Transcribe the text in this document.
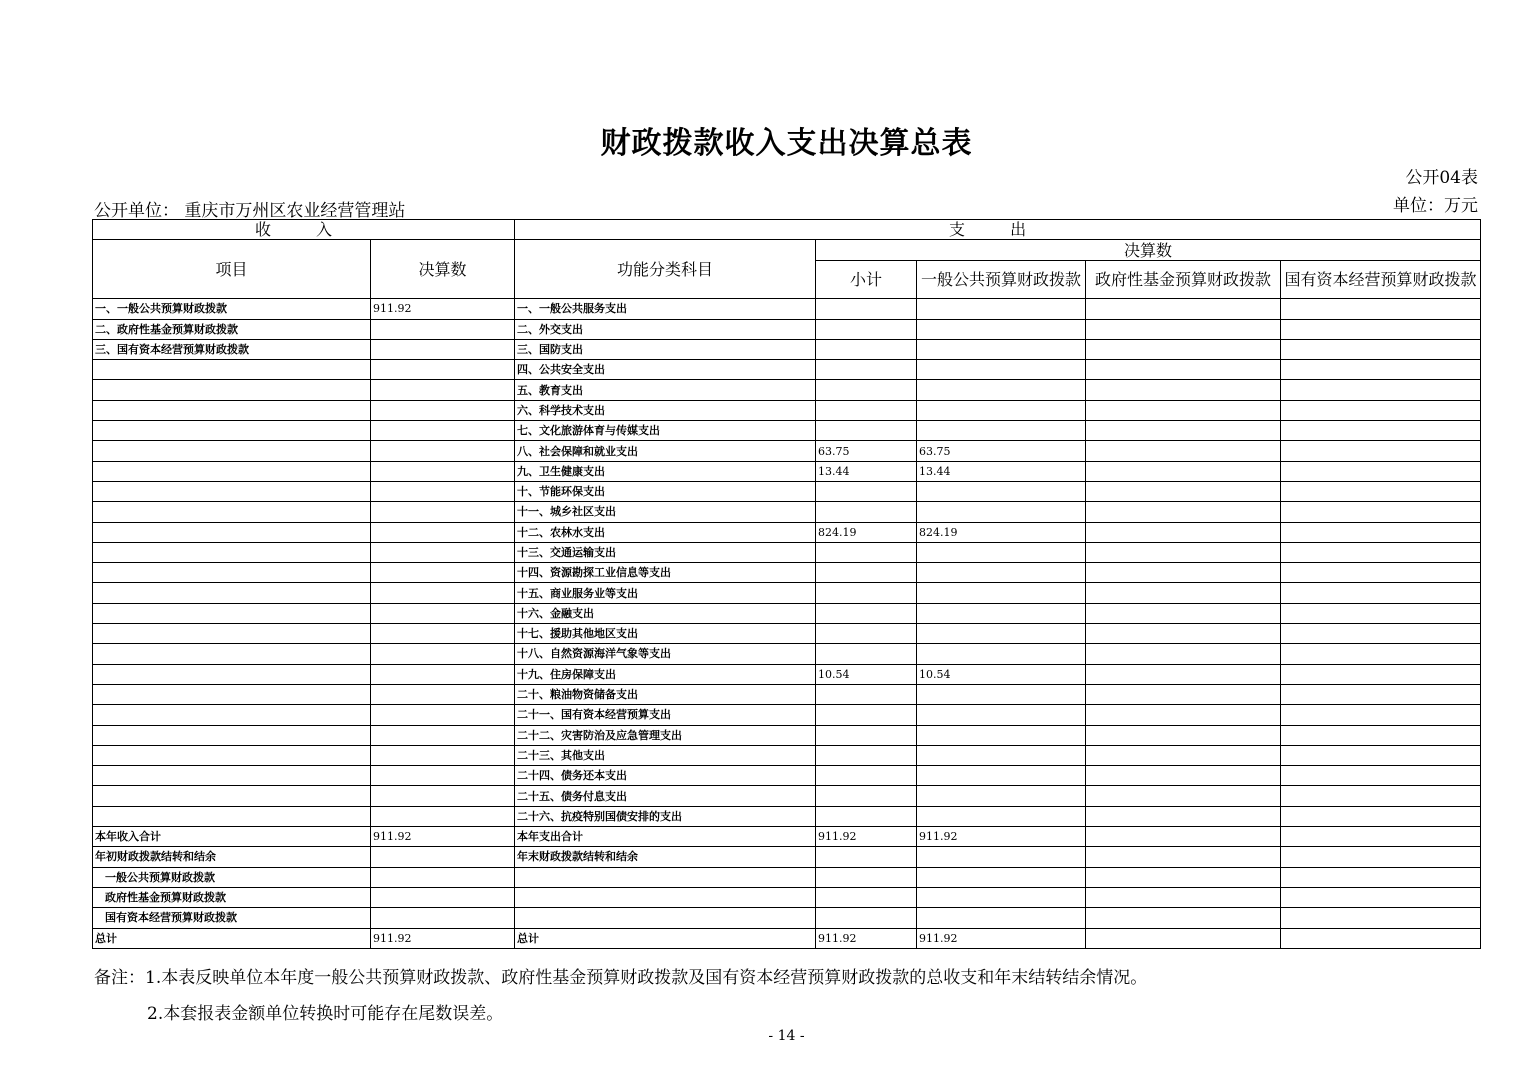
财政拨款收入支出决算总表
公开04表
公开单位： 重庆市万州区农业经营管理站	单位：万元
收 入		支 出				
项目	决算数	功能分类科目	决算数			
			小计	一般公共预算财政拨款	政府性基金预算财政拨款	国有资本经营预算财政拨款
一、一般公共预算财政拨款	911.92	一、一般公共服务支出				
二、政府性基金预算财政拨款		二、外交支出				
三、国有资本经营预算财政拨款		三、国防支出				
		四、公共安全支出				
		五、教育支出				
		六、科学技术支出				
		七、文化旅游体育与传媒支出				
		八、社会保障和就业支出	63.75	63.75		
		九、卫生健康支出	13.44	13.44		
		十、节能环保支出				
		十一、城乡社区支出				
		十二、农林水支出	824.19	824.19		
		十三、交通运输支出				
		十四、资源勘探工业信息等支出				
		十五、商业服务业等支出				
		十六、金融支出				
		十七、援助其他地区支出				
		十八、自然资源海洋气象等支出				
		十九、住房保障支出	10.54	10.54		
		二十、粮油物资储备支出				
		二十一、国有资本经营预算支出				
		二十二、灾害防治及应急管理支出				
		二十三、其他支出				
		二十四、债务还本支出				
		二十五、债务付息支出				
		二十六、抗疫特别国债安排的支出				
本年收入合计	911.92	本年支出合计	911.92	911.92		
年初财政拨款结转和结余		年末财政拨款结转和结余				
一般公共预算财政拨款						
政府性基金预算财政拨款						
国有资本经营预算财政拨款						
总计	911.92	总计	911.92	911.92		
备注：1.本表反映单位本年度一般公共预算财政拨款、政府性基金预算财政拨款及国有资本经营预算财政拨款的总收支和年末结转结余情况。
2.本套报表金额单位转换时可能存在尾数误差。
- 14 -
